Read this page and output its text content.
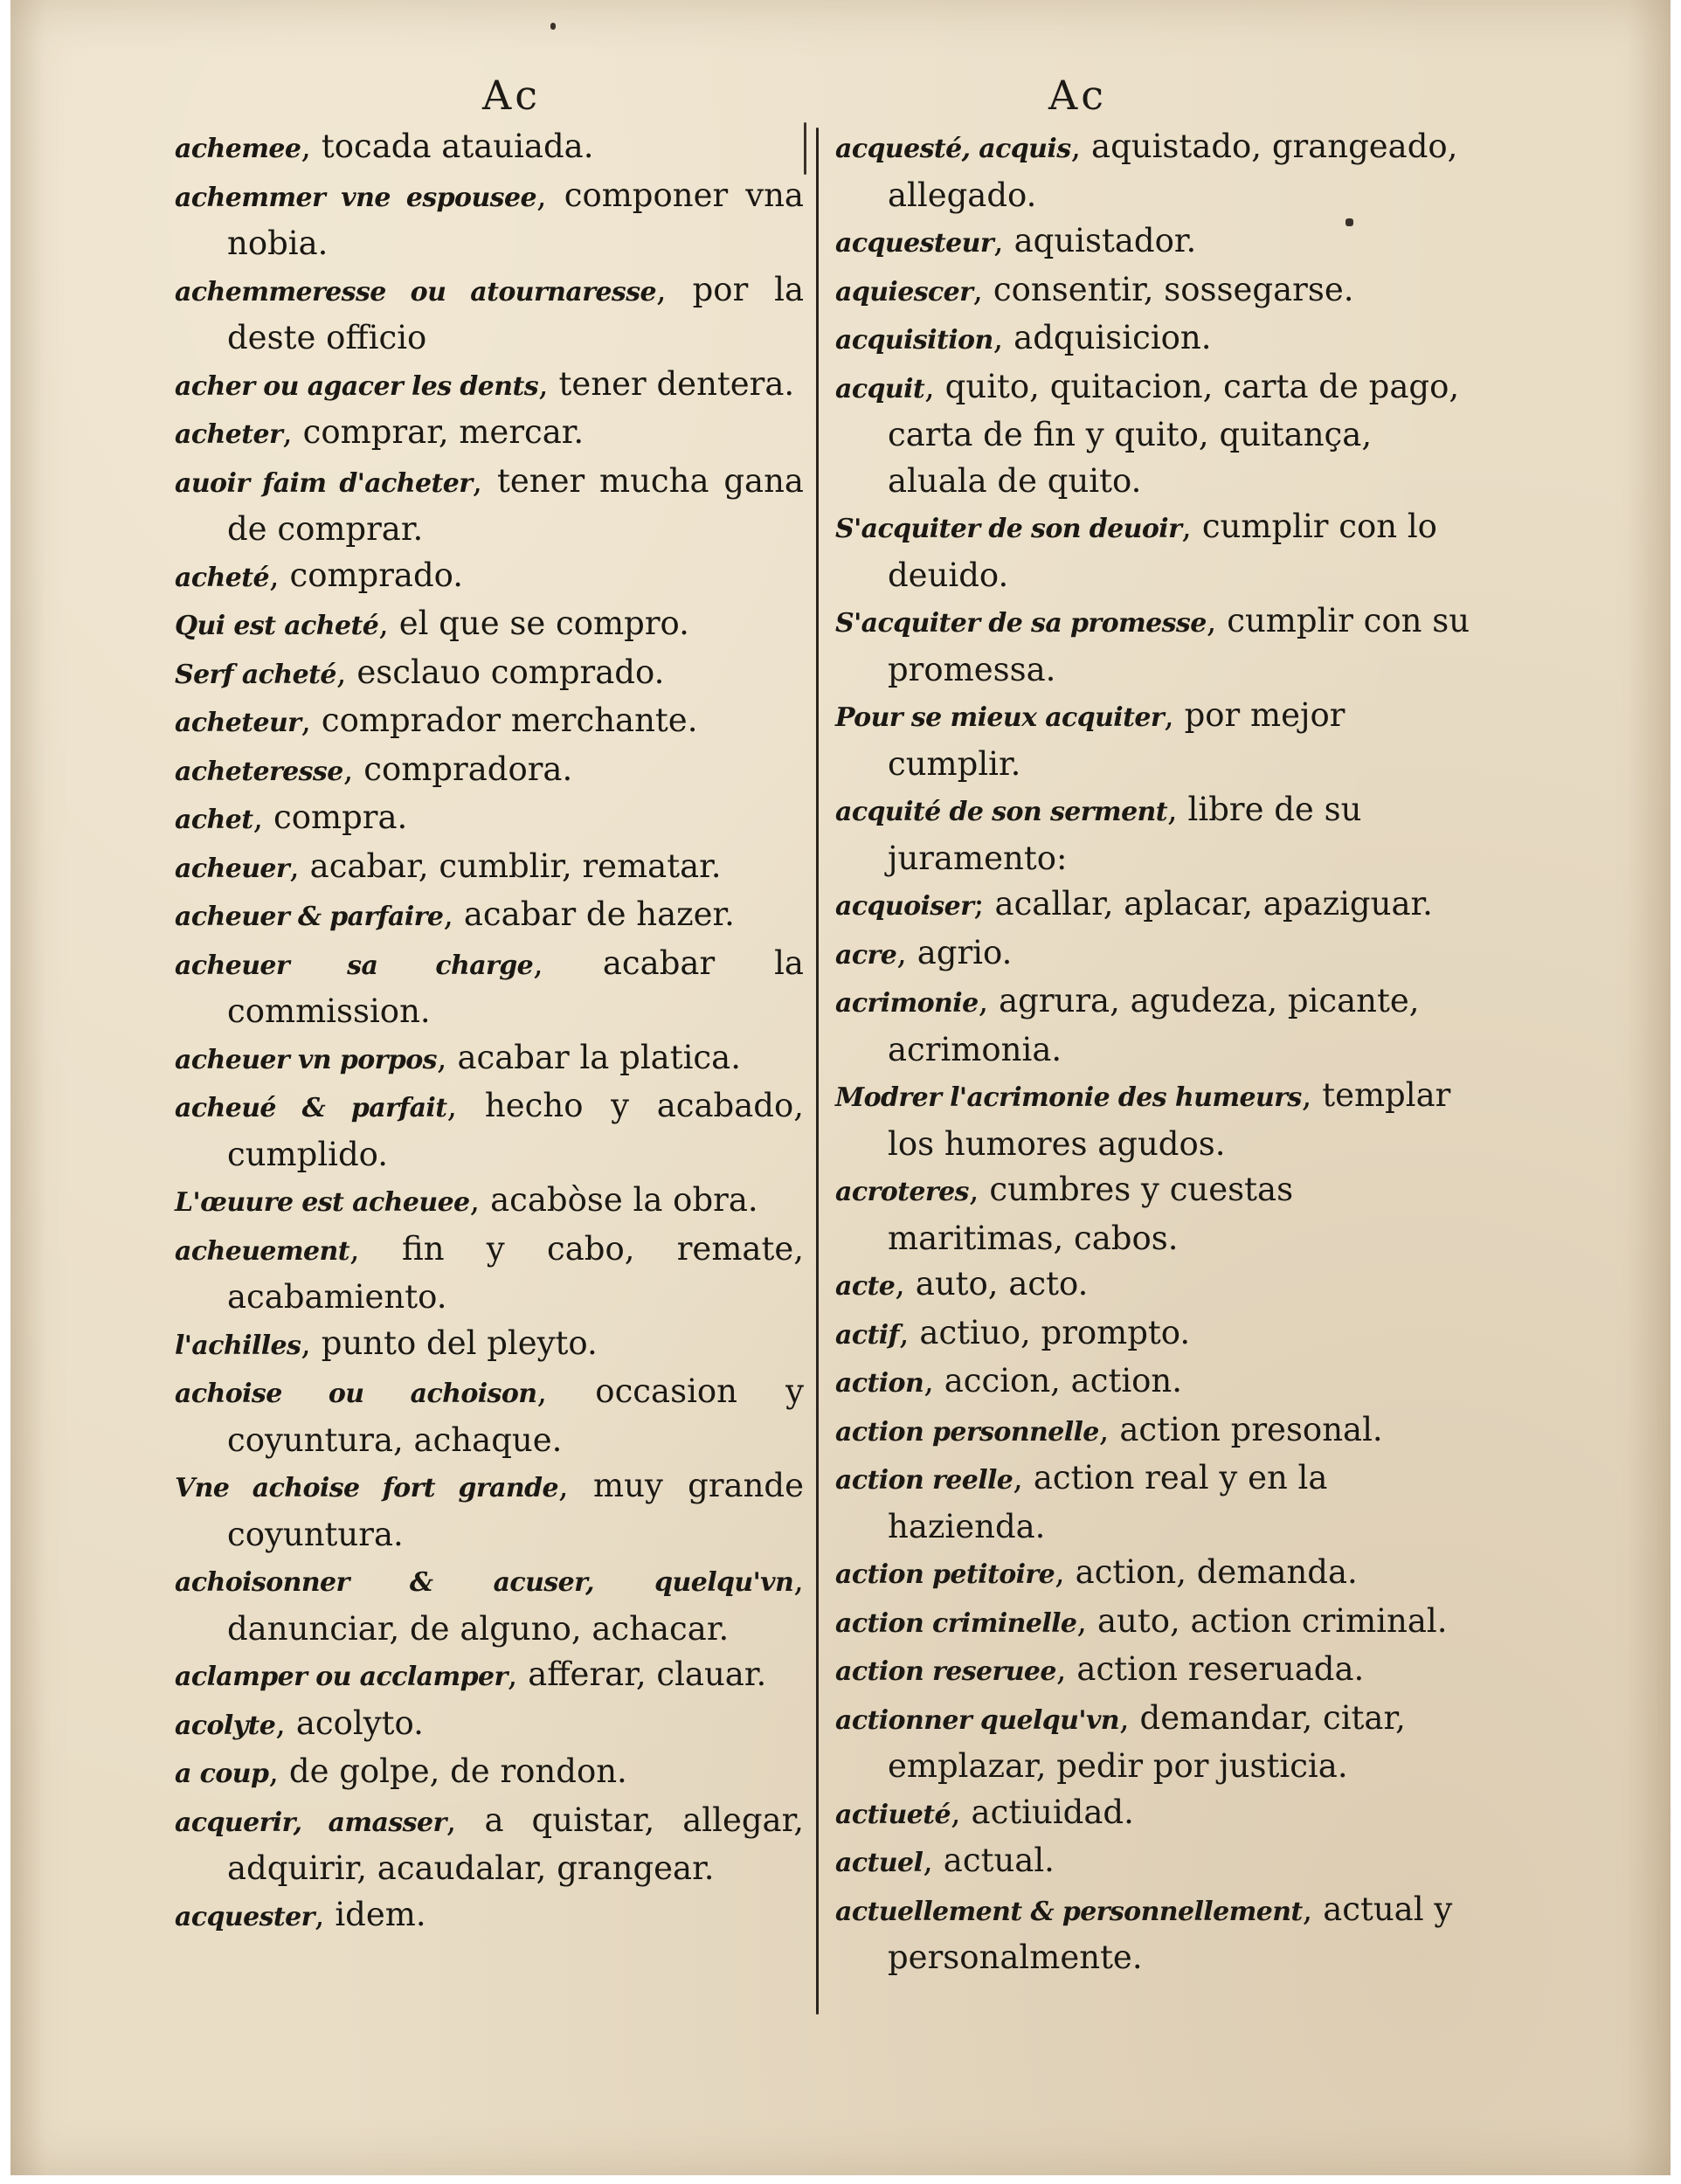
Ac	Ac
achemee, tocada atauiada.
achemmer vne espousee, componer vna nobia.
achemmeresse ou atournaresse, por la deste officio
acher ou agacer les dents, tener dentera.
acheter, comprar, mercar.
auoir faim d'acheter, tener mucha gana de comprar.
acheté, comprado.
Qui est acheté, el que se compro.
Serf acheté, esclauo comprado.
acheteur, comprador merchante.
acheteresse, compradora.
achet, compra.
acheuer, acabar, cumblir, rematar.
acheuer & parfaire, acabar de hazer.
acheuer sa charge, acabar la commission.
acheuer vn porpos, acabar la platica.
acheué & parfait, hecho y acabado, cumplido.
L'œuure est acheuee, acabòse la obra.
acheuement, fin y cabo, remate, acabamiento.
l'achilles, punto del pleyto.
achoise ou achoison, occasion y coyuntura, achaque.
Vne achoise fort grande, muy grande coyuntura.
achoisonner & acuser, quelqu'vn, danunciar, de alguno, achacar.
aclamper ou acclamper, afferar, clauar.
acolyte, acolyto.
a coup, de golpe, de rondon.
acquerir, amasser, a quistar, allegar, adquirir, acaudalar, grangear.
acquester, idem.
acquesté, acquis, aquistado, grangeado, allegado.
acquesteur, aquistador.
aquiescer, consentir, sossegarse.
acquisition, adquisicion.
acquit, quito, quitacion, carta de pago, carta de fin y quito, quitança, aluala de quito.
S'acquiter de son deuoir, cumplir con lo deuido.
S'acquiter de sa promesse, cumplir con su promessa.
Pour se mieux acquiter, por mejor cumplir.
acquité de son serment, libre de su juramento:
acquoiser; acallar, aplacar, apaziguar.
acre, agrio.
acrimonie, agrura, agudeza, picante, acrimonia.
Modrer l'acrimonie des humeurs, templar los humores agudos.
acroteres, cumbres y cuestas maritimas, cabos.
acte, auto, acto.
actif, actiuo, prompto.
action, accion, action.
action personnelle, action presonal.
action reelle, action real y en la hazienda.
action petitoire, action, demanda.
action criminelle, auto, action criminal.
action reseruee, action reseruada.
actionner quelqu'vn, demandar, citar, emplazar, pedir por justicia.
actiueté, actiuidad.
actuel, actual.
actuellement & personnellement, actual y personalmente.
